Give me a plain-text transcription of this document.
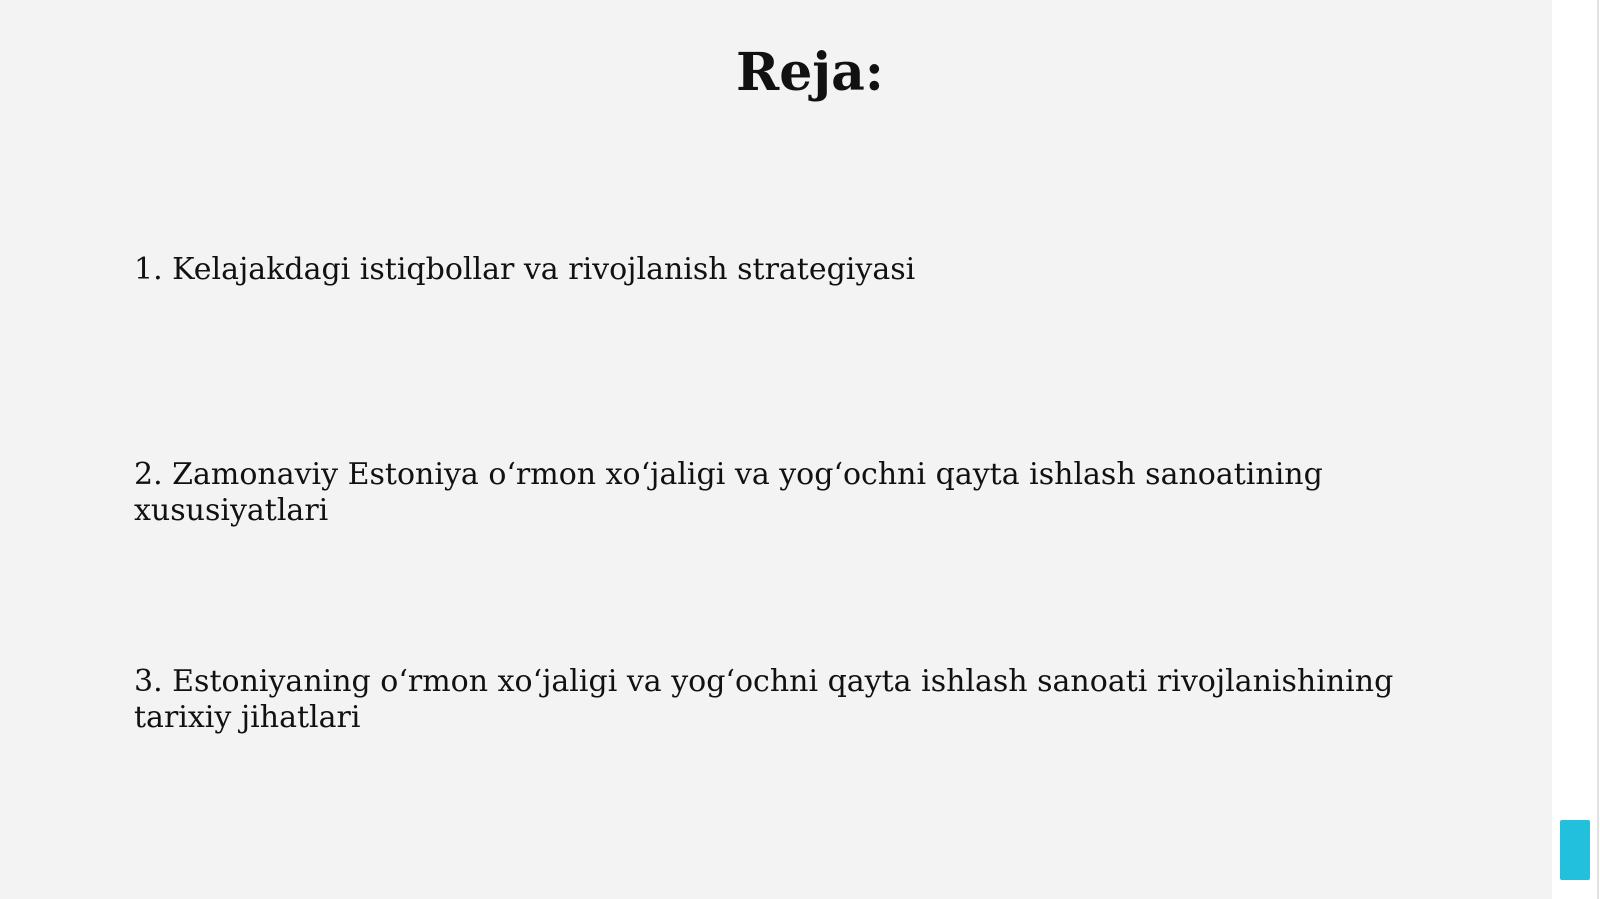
Reja:

1. Kelajakdagi istiqbollar va rivojlanish strategiyasi

2. Zamonaviy Estoniya oʻrmon xoʻjaligi va yogʻochni qayta ishlash sanoatining xususiyatlari

3. Estoniyaning oʻrmon xoʻjaligi va yogʻochni qayta ishlash sanoati rivojlanishining tarixiy jihatlari
